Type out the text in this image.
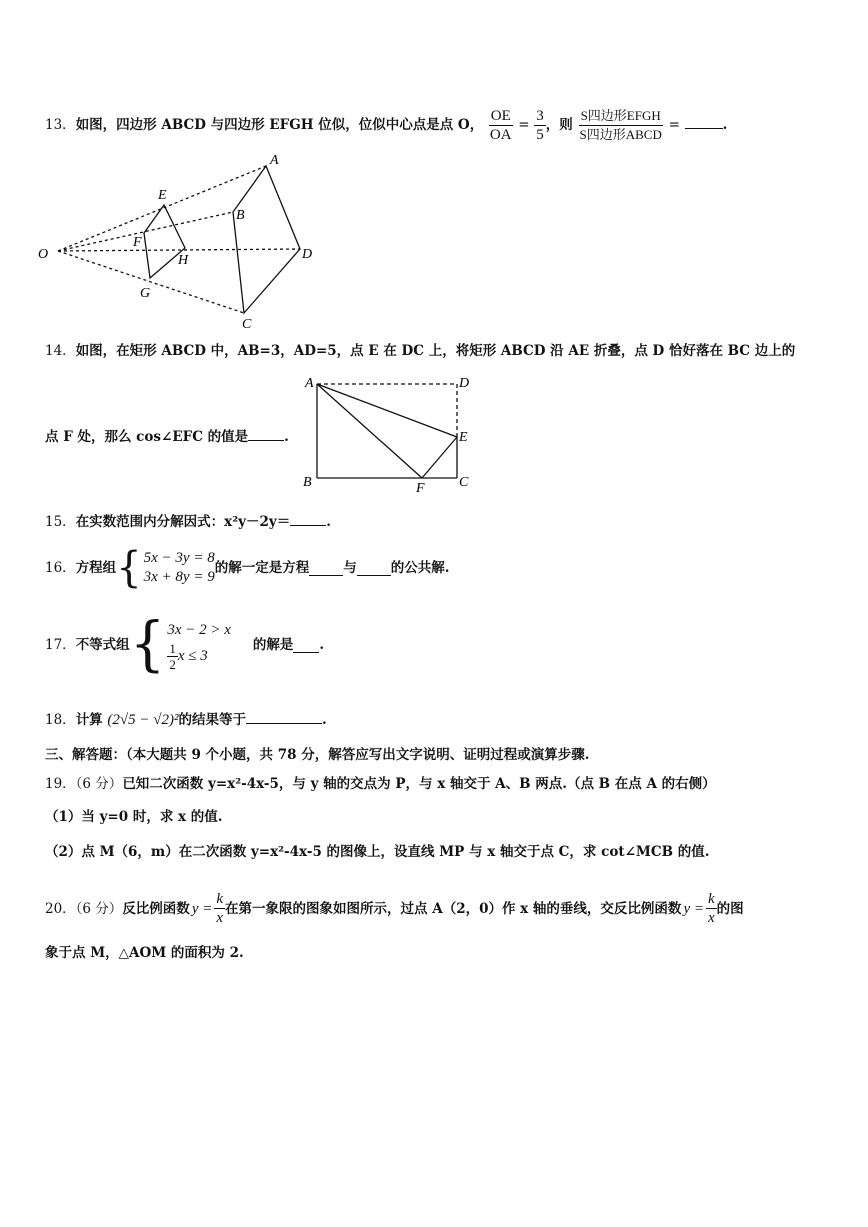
13．如图，四边形 ABCD 与四边形 EFGH 位似，位似中心点是点 O， $\frac{OE}{OA} = \frac{3}{5}$ ，则 $\frac{\text{S四边形EFGH}}{\text{S四边形ABCD}}$ =	.
O
A
B
C
D
E
F
G
H
14．如图，在矩形 ABCD 中，AB=3，AD=5，点 E 在 DC 上，将矩形 ABCD 沿 AE 折叠，点 D 恰好落在 BC 边上的
A	D
E
B	F C
点 F 处，那么 cos∠EFC 的值是	.
15．在实数范围内分解因式：x²y－2y＝	.
16． 方程组 { 5x − 3y = 8
3x + 8y = 9
的解一定是方程	与	的公共解.
17． 不等式组 { 3x − 2 > x
$\frac{1}{2}$ x ≤ 3
的解是 .
18．计算 (2√5 − √2)²的结果等于	.
三、解答题：（本大题共 9 个小题，共 78 分，解答应写出文字说明、证明过程或演算步骤.
19．（6 分）已知二次函数 y=x²-4x-5，与 y 轴的交点为 P，与 x 轴交于 A、B 两点.（点 B 在点 A 的右侧）
（1）当 y=0 时，求 x 的值.
（2）点 M（6，m）在二次函数 y=x²-4x-5 的图像上，设直线 MP 与 x 轴交于点 C，求 cot∠MCB 的值.
20．（6 分） 反比例函数 $y = \frac{k}{x}$ 在第一象限的图象如图所示，过点 A（2，0）作 x 轴的垂线，交反比例函数 $y = \frac{k}{x}$ 的图
象于点 M，△AOM 的面积为 2.
